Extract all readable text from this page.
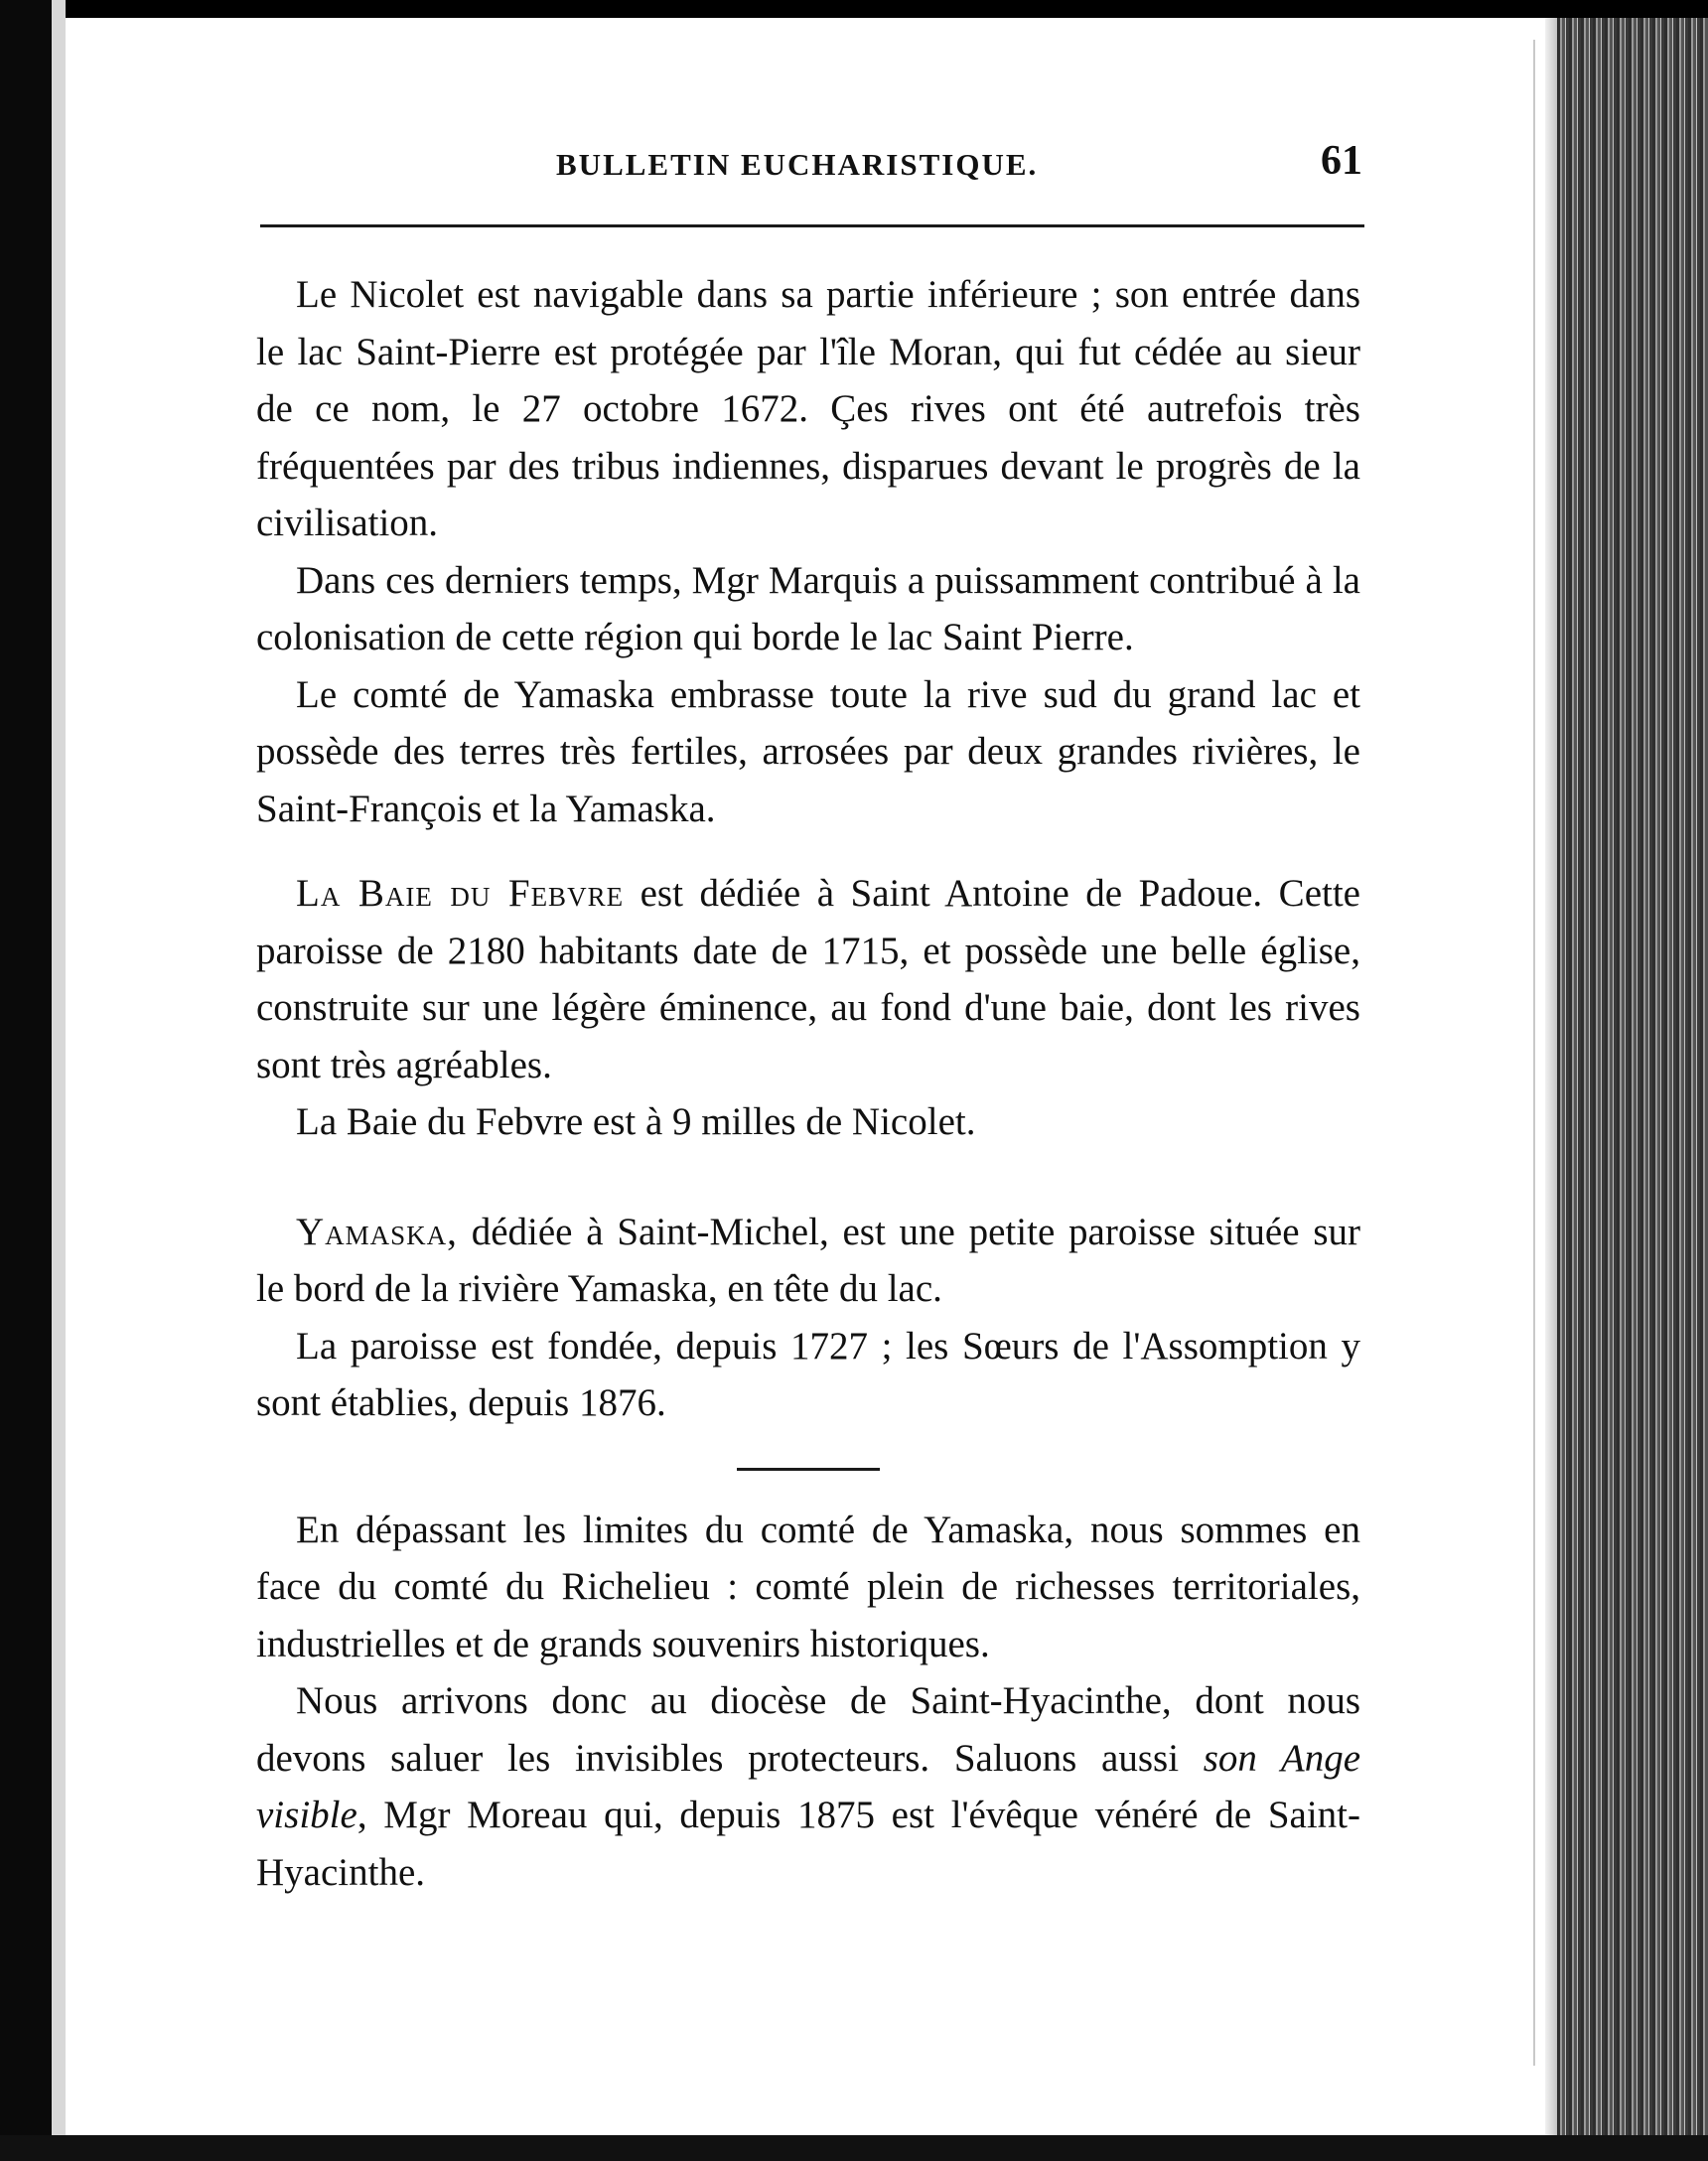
BULLETIN EUCHARISTIQUE.	61

Le Nicolet est navigable dans sa partie inférieure ; son entrée dans le lac Saint-Pierre est protégée par l'île Moran, qui fut cédée au sieur de ce nom, le 27 octobre 1672. Çes rives ont été autrefois très fréquentées par des tribus indiennes, disparues devant le progrès de la civilisation.

Dans ces derniers temps, Mgr Marquis a puissamment contribué à la colonisation de cette région qui borde le lac Saint Pierre.

Le comté de Yamaska embrasse toute la rive sud du grand lac et possède des terres très fertiles, arrosées par deux grandes rivières, le Saint-François et la Yamaska.

La Baie du Febvre est dédiée à Saint Antoine de Padoue. Cette paroisse de 2180 habitants date de 1715, et possède une belle église, construite sur une légère éminence, au fond d'une baie, dont les rives sont très agréables.

La Baie du Febvre est à 9 milles de Nicolet.

Yamaska, dédiée à Saint-Michel, est une petite paroisse située sur le bord de la rivière Yamaska, en tête du lac.

La paroisse est fondée, depuis 1727 ; les Sœurs de l'Assomption y sont établies, depuis 1876.

En dépassant les limites du comté de Yamaska, nous sommes en face du comté du Richelieu : comté plein de richesses territoriales, industrielles et de grands souvenirs historiques.

Nous arrivons donc au diocèse de Saint-Hyacinthe, dont nous devons saluer les invisibles protecteurs. Saluons aussi son Ange visible, Mgr Moreau qui, depuis 1875 est l'évêque vénéré de Saint-Hyacinthe.
